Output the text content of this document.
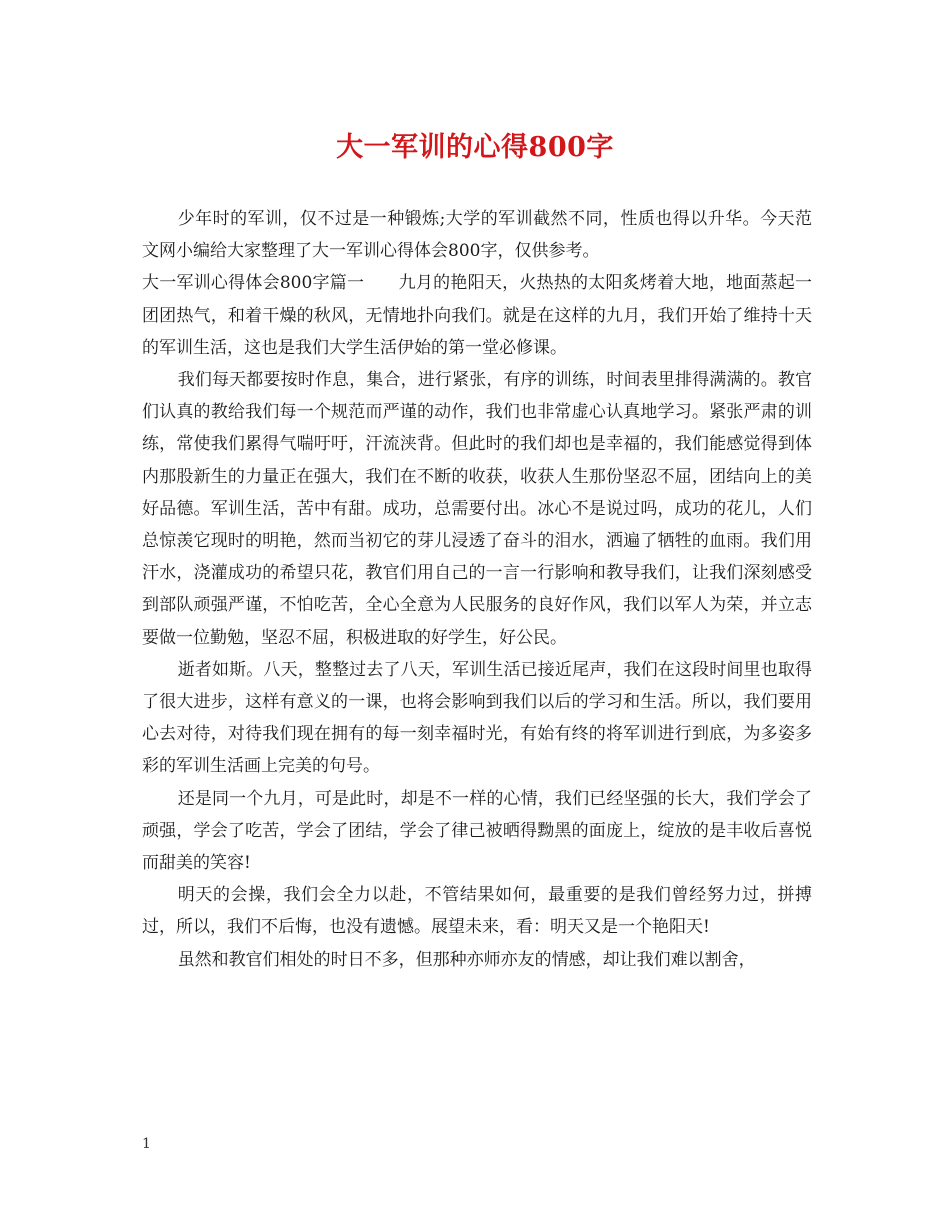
大一军训的心得800字

少年时的军训，仅不过是一种锻炼;大学的军训截然不同，性质也得以升华。今天范文网小编给大家整理了大一军训心得体会800字，仅供参考。

大一军训心得体会800字篇一　　九月的艳阳天，火热热的太阳炙烤着大地，地面蒸起一团团热气，和着干燥的秋风，无情地扑向我们。就是在这样的九月，我们开始了维持十天的军训生活，这也是我们大学生活伊始的第一堂必修课。

我们每天都要按时作息，集合，进行紧张，有序的训练，时间表里排得满满的。教官们认真的教给我们每一个规范而严谨的动作，我们也非常虚心认真地学习。紧张严肃的训练，常使我们累得气喘吁吁，汗流浃背。但此时的我们却也是幸福的，我们能感觉得到体内那股新生的力量正在强大，我们在不断的收获，收获人生那份坚忍不屈，团结向上的美好品德。军训生活，苦中有甜。成功，总需要付出。冰心不是说过吗，成功的花儿，人们总惊羡它现时的明艳，然而当初它的芽儿浸透了奋斗的泪水，洒遍了牺牲的血雨。我们用汗水，浇灌成功的希望只花，教官们用自己的一言一行影响和教导我们，让我们深刻感受到部队顽强严谨，不怕吃苦，全心全意为人民服务的良好作风，我们以军人为荣，并立志要做一位勤勉，坚忍不屈，积极进取的好学生，好公民。

逝者如斯。八天，整整过去了八天，军训生活已接近尾声，我们在这段时间里也取得了很大进步，这样有意义的一课，也将会影响到我们以后的学习和生活。所以，我们要用心去对待，对待我们现在拥有的每一刻幸福时光，有始有终的将军训进行到底，为多姿多彩的军训生活画上完美的句号。

还是同一个九月，可是此时，却是不一样的心情，我们已经坚强的长大，我们学会了顽强，学会了吃苦，学会了团结，学会了律己被晒得黝黑的面庞上，绽放的是丰收后喜悦而甜美的笑容!

明天的会操，我们会全力以赴，不管结果如何，最重要的是我们曾经努力过，拼搏过，所以，我们不后悔，也没有遗憾。展望未来，看：明天又是一个艳阳天!

虽然和教官们相处的时日不多，但那种亦师亦友的情感，却让我们难以割舍，

1
